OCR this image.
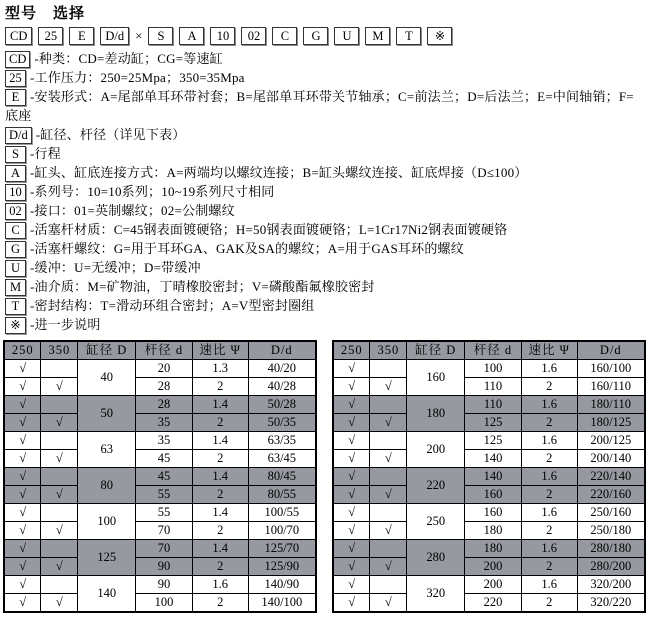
型号　选择
CD	25	E	D/d ×	S	A	10	02	C	G	U	M	T	※
CD -种类：CD=差动缸；CG=等速缸
25 -工作压力：250=25Mpa；350=35Mpa
E -安装形式：A=尾部单耳环带衬套；B=尾部单耳环带关节轴承；C=前法兰；D=后法兰；E=中间轴销；F=底座
D/d -缸径、杆径（详见下表）
S -行程
A -缸头、缸底连接方式：A=两端均以螺纹连接；B=缸头螺纹连接、缸底焊接（D≤100）
10 -系列号：10=10系列；10~19系列尺寸相同
02 -接口：01=英制螺纹；02=公制螺纹
C -活塞杆材质：C=45钢表面镀硬铬；H=50钢表面镀硬铬；L=1Cr17Ni2钢表面镀硬铬
G -活塞杆螺纹：G=用于耳环GA、GAK及SA的螺纹；A=用于GAS耳环的螺纹
U -缓冲：U=无缓冲；D=带缓冲
M -油介质：M=矿物油，丁晴橡胶密封；V=磷酸酯氟橡胶密封
T -密封结构：T=滑动环组合密封；A=V型密封圈组
※ -进一步说明
250	350	缸径 D	杆径 d	速比 Ψ	D/d
√		40	20	1.3	40/20
√	√		28	2	40/28
√		50	28	1.4	50/28
√	√		35	2	50/35
√		63	35	1.4	63/35
√	√		45	2	63/45
√		80	45	1.4	80/45
√	√		55	2	80/55
√		100	55	1.4	100/55
√	√		70	2	100/70
√		125	70	1.4	125/70
√	√		90	2	125/90
√		140	90	1.6	140/90
√	√		100	2	140/100
250	350	缸径 D	杆径 d	速比 Ψ	D/d
√		160	100	1.6	160/100
√	√		110	2	160/110
√		180	110	1.6	180/110
√	√		125	2	180/125
√		200	125	1.6	200/125
√	√		140	2	200/140
√		220	140	1.6	220/140
√	√		160	2	220/160
√		250	160	1.6	250/160
√	√		180	2	250/180
√		280	180	1.6	280/180
√	√		200	2	280/200
√		320	200	1.6	320/200
√	√		220	2	320/220
